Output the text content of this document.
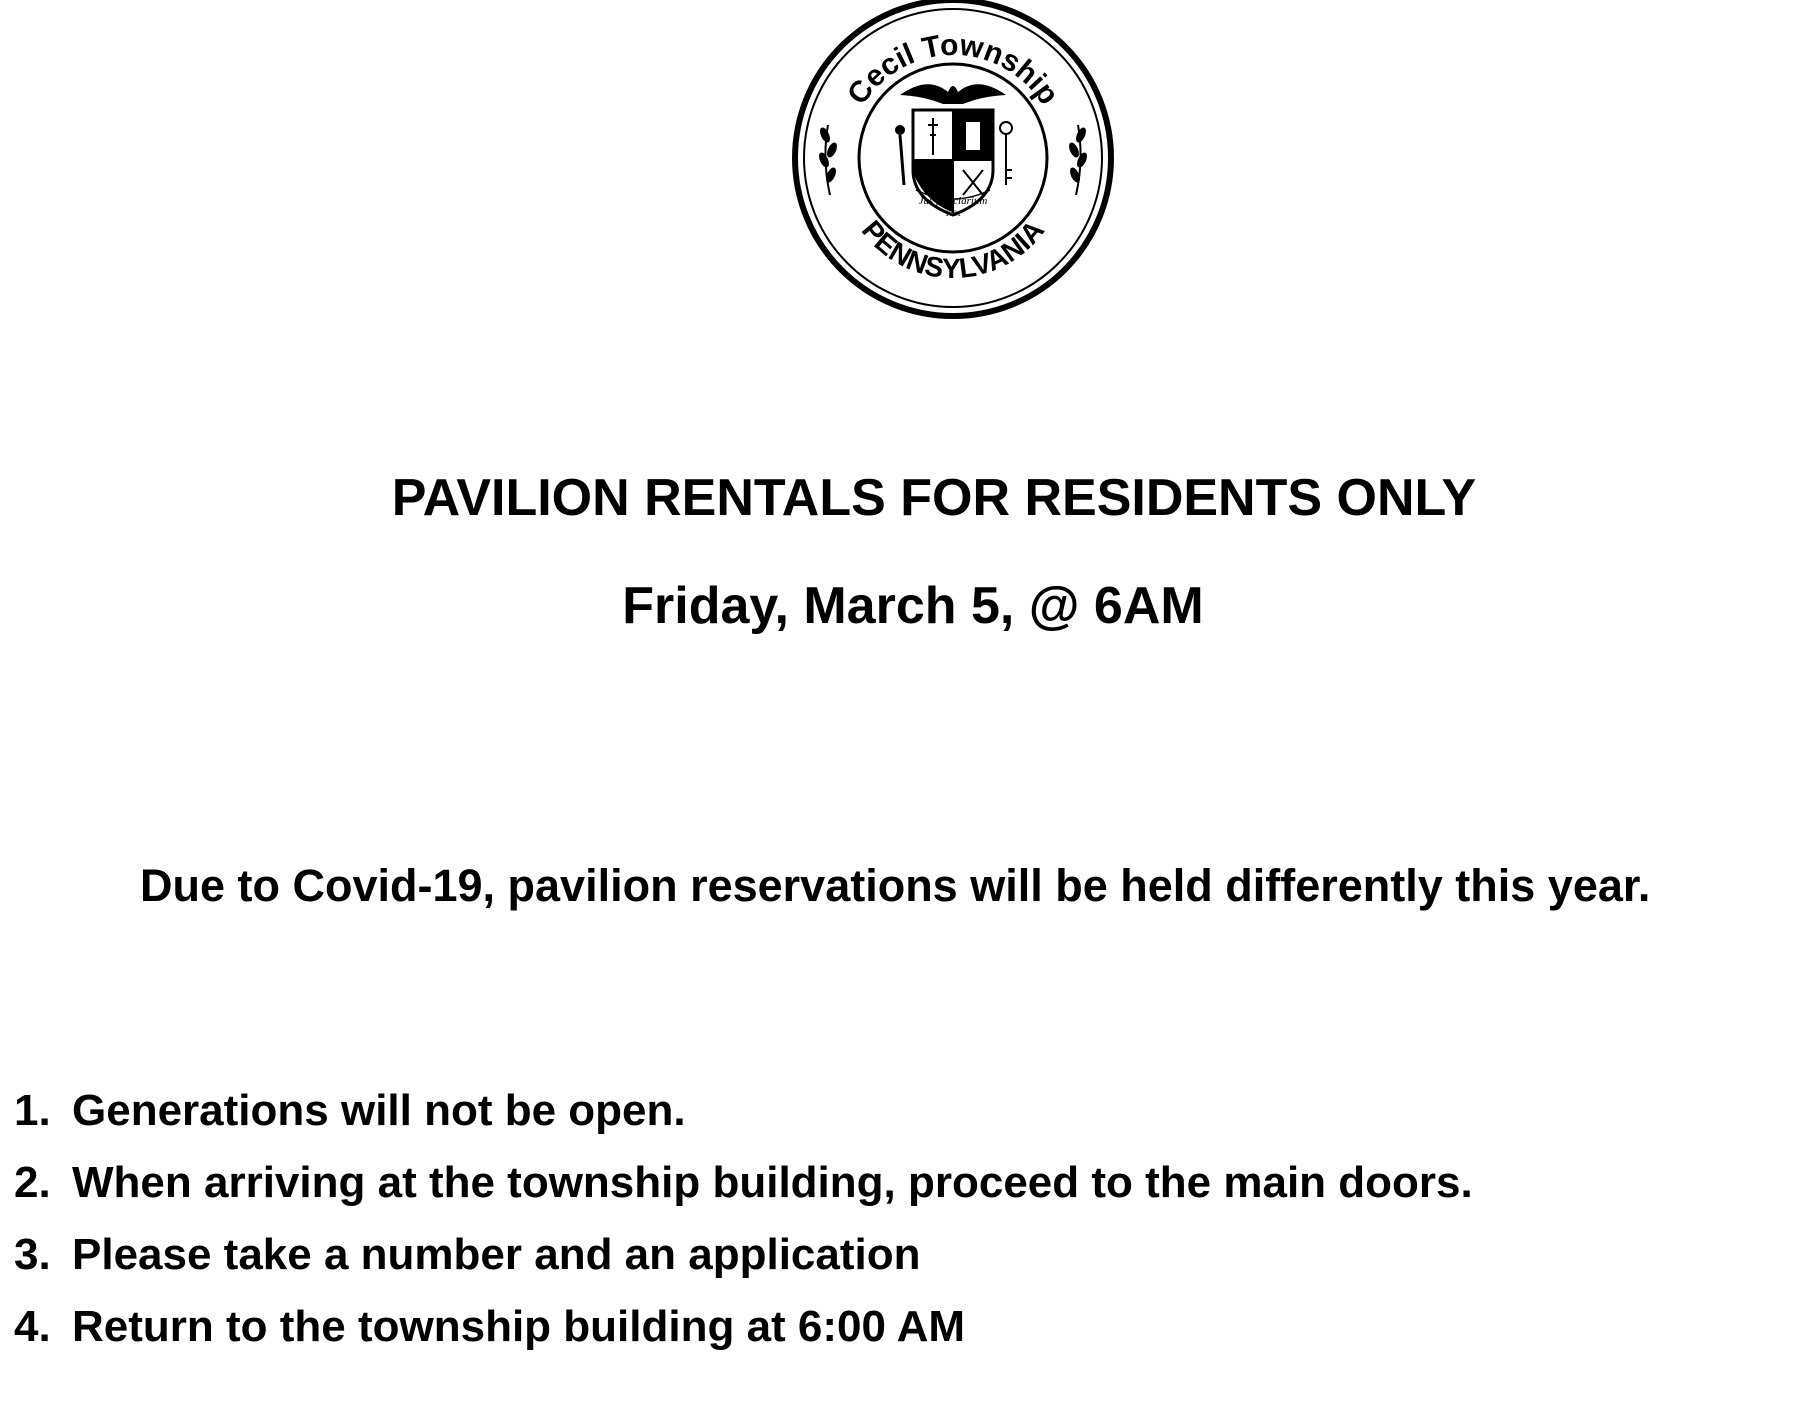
Cecil Township
PENNSYLVANIA
Jus fiduciarium
1781
PAVILION RENTALS FOR RESIDENTS ONLY
Friday, March 5, @ 6AM
Due to Covid-19, pavilion reservations will be held differently this year.
1. Generations will not be open.
2. When arriving at the township building, proceed to the main doors.
3. Please take a number and an application
4. Return to the township building at 6:00 AM
